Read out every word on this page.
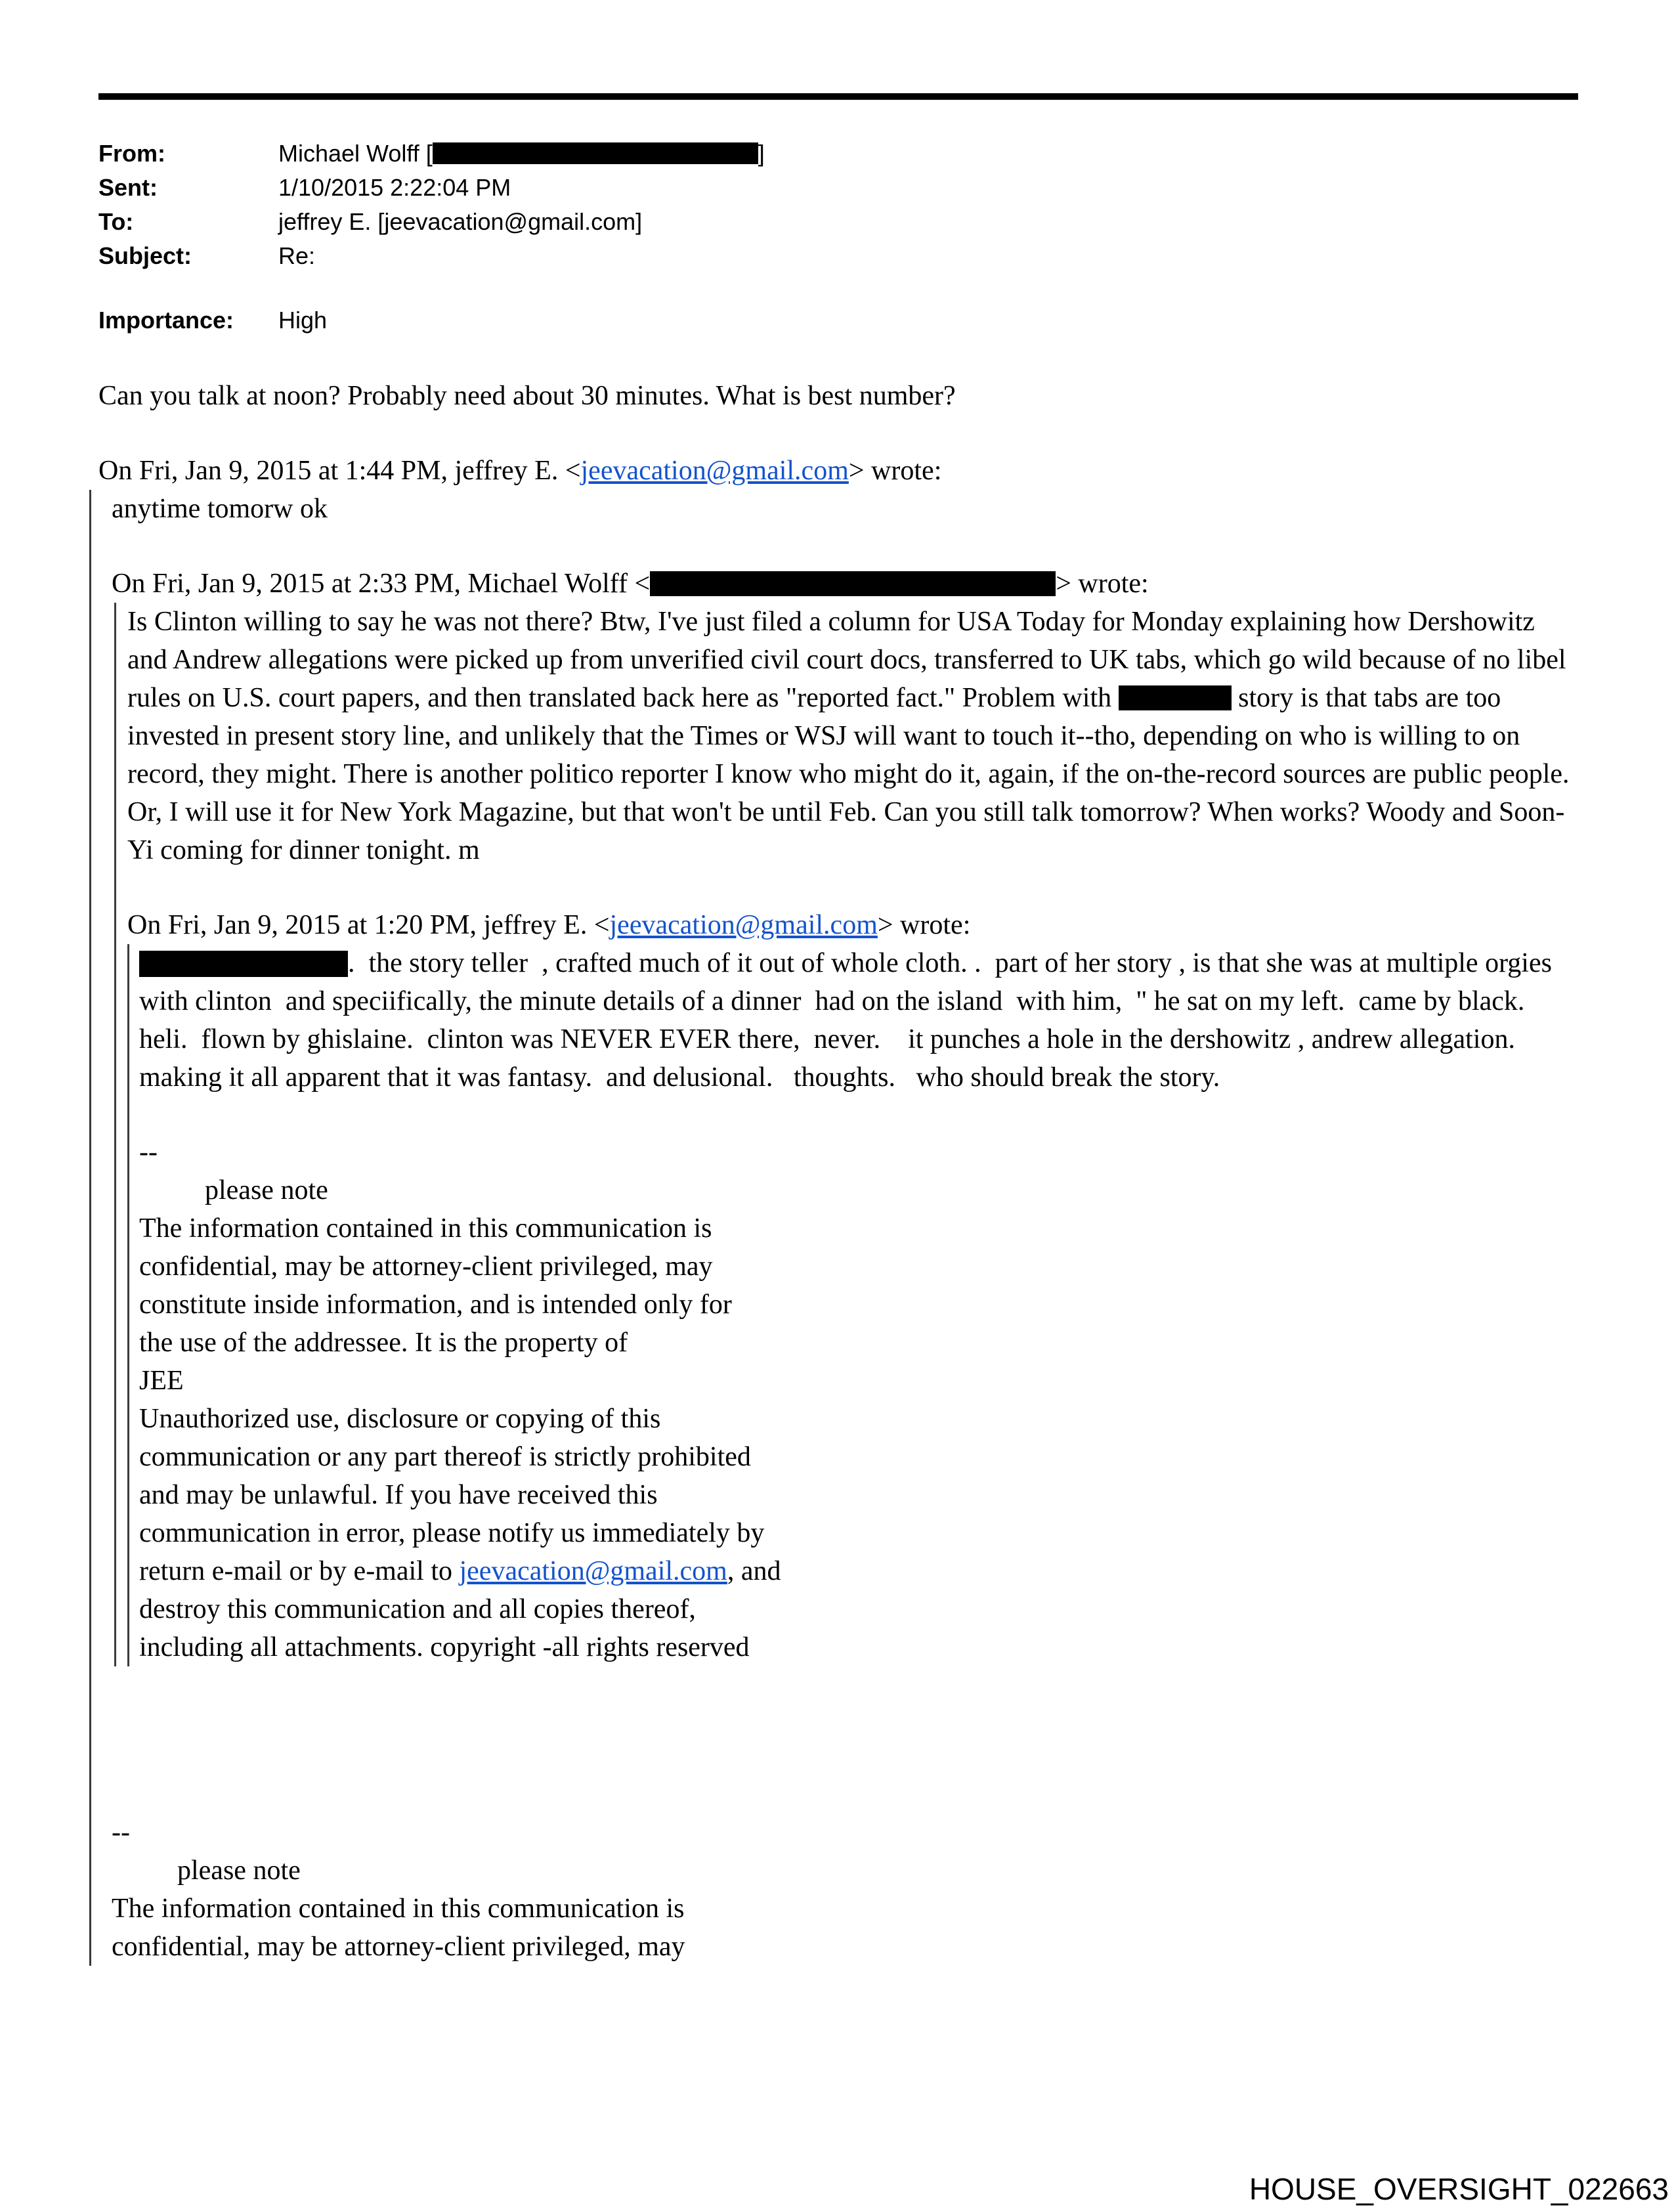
From:	Michael Wolff [	]
Sent:	1/10/2015 2:22:04 PM
To:	jeffrey E. [jeevacation@gmail.com]
Subject:	Re:
Importance:	High

Can you talk at noon? Probably need about 30 minutes. What is best number?

On Fri, Jan 9, 2015 at 1:44 PM, jeffrey E. <jeevacation@gmail.com> wrote:

anytime tomorw ok

On Fri, Jan 9, 2015 at 2:33 PM, Michael Wolff <	> wrote:

Is Clinton willing to say he was not there? Btw, I've just filed a column for USA Today for Monday explaining how Dershowitz and Andrew allegations were picked up from unverified civil court docs, transferred to UK tabs, which go wild because of no libel rules on U.S. court papers, and then translated back here as "reported fact." Problem with	story is that tabs are too invested in present story line, and unlikely that the Times or WSJ will want to touch it--tho, depending on who is willing to on record, they might. There is another politico reporter I know who might do it, again, if the on-the-record sources are public people. Or, I will use it for New York Magazine, but that won't be until Feb. Can you still talk tomorrow? When works? Woody and Soon-Yi coming for dinner tonight. m

On Fri, Jan 9, 2015 at 1:20 PM, jeffrey E. <jeevacation@gmail.com> wrote:

.  the story teller  , crafted much of it out of whole cloth. .  part of her story , is that she was at multiple orgies with clinton  and speciifically, the minute details of a dinner  had on the island  with him,  " he sat on my left.  came by black. heli.  flown by ghislaine.  clinton was NEVER EVER there,  never.    it punches a hole in the dershowitz , andrew allegation.  making it all apparent that it was fantasy.  and delusional.   thoughts.   who should break the story.

--
please note
The information contained in this communication is
confidential, may be attorney-client privileged, may
constitute inside information, and is intended only for
the use of the addressee. It is the property of
JEE
Unauthorized use, disclosure or copying of this
communication or any part thereof is strictly prohibited
and may be unlawful. If you have received this
communication in error, please notify us immediately by
return e-mail or by e-mail to jeevacation@gmail.com, and
destroy this communication and all copies thereof,
including all attachments. copyright -all rights reserved
--
please note
The information contained in this communication is
confidential, may be attorney-client privileged, may
HOUSE_OVERSIGHT_022663
